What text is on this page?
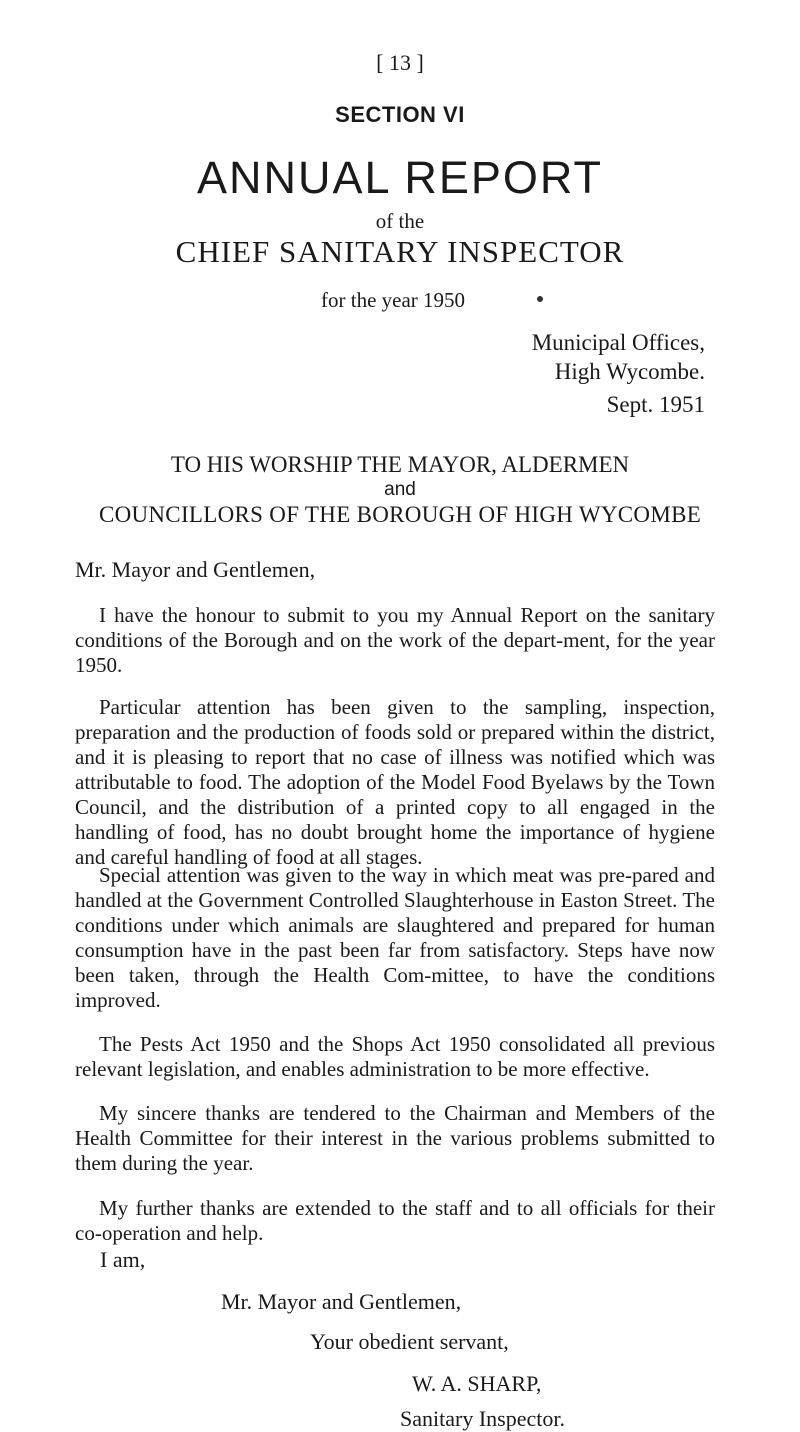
[ 13 ]
SECTION VI
ANNUAL REPORT
of the
CHIEF SANITARY INSPECTOR
for the year 1950
Municipal Offices,
High Wycombe.
Sept. 1951
TO HIS WORSHIP THE MAYOR, ALDERMEN
and
COUNCILLORS OF THE BOROUGH OF HIGH WYCOMBE
Mr. Mayor and Gentlemen,

I have the honour to submit to you my Annual Report on the sanitary conditions of the Borough and on the work of the depart-ment, for the year 1950.

Particular attention has been given to the sampling, inspection, preparation and the production of foods sold or prepared within the district, and it is pleasing to report that no case of illness was notified which was attributable to food. The adoption of the Model Food Byelaws by the Town Council, and the distribution of a printed copy to all engaged in the handling of food, has no doubt brought home the importance of hygiene and careful handling of food at all stages.

Special attention was given to the way in which meat was pre-pared and handled at the Government Controlled Slaughterhouse in Easton Street. The conditions under which animals are slaughtered and prepared for human consumption have in the past been far from satisfactory. Steps have now been taken, through the Health Com-mittee, to have the conditions improved.

The Pests Act 1950 and the Shops Act 1950 consolidated all previous relevant legislation, and enables administration to be more effective.

My sincere thanks are tendered to the Chairman and Members of the Health Committee for their interest in the various problems submitted to them during the year.

My further thanks are extended to the staff and to all officials for their co-operation and help.

I am,
Mr. Mayor and Gentlemen,
Your obedient servant,
W. A. SHARP,
Sanitary Inspector.
